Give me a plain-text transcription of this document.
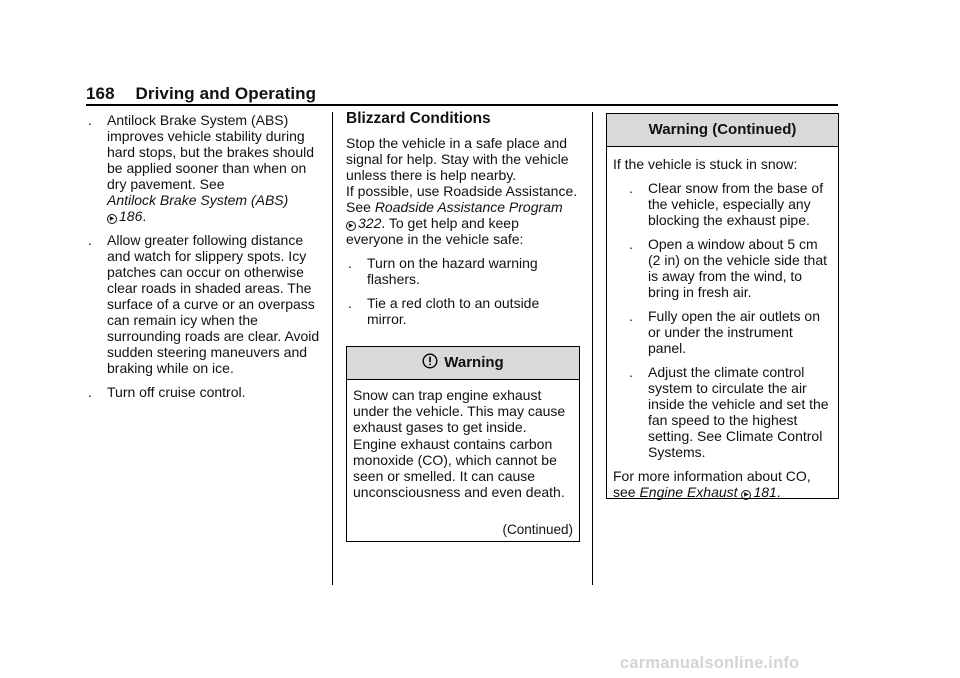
168 Driving and Operating
. Antilock Brake System (ABS) improves vehicle stability during hard stops, but the brakes should be applied sooner than when on dry pavement. See
Antilock Brake System (ABS)
▶ 186.
. Allow greater following distance and watch for slippery spots. Icy patches can occur on otherwise clear roads in shaded areas. The surface of a curve or an overpass can remain icy when the surrounding roads are clear. Avoid sudden steering maneuvers and braking while on ice.
. Turn off cruise control.
Blizzard Conditions
Stop the vehicle in a safe place and signal for help. Stay with the vehicle unless there is help nearby.
If possible, use Roadside Assistance. See Roadside Assistance Program ▶ 322. To get help and keep everyone in the vehicle safe:
. Turn on the hazard warning flashers.
. Tie a red cloth to an outside mirror.
Warning
Snow can trap engine exhaust under the vehicle. This may cause exhaust gases to get inside. Engine exhaust contains carbon monoxide (CO), which cannot be seen or smelled. It can cause unconsciousness and even death.
(Continued)
Warning (Continued)
If the vehicle is stuck in snow:
. Clear snow from the base of the vehicle, especially any blocking the exhaust pipe.
. Open a window about 5 cm (2 in) on the vehicle side that is away from the wind, to bring in fresh air.
. Fully open the air outlets on or under the instrument panel.
. Adjust the climate control system to circulate the air inside the vehicle and set the fan speed to the highest setting. See Climate Control Systems.
For more information about CO, see Engine Exhaust ▶ 181.
carmanualsonline.info
